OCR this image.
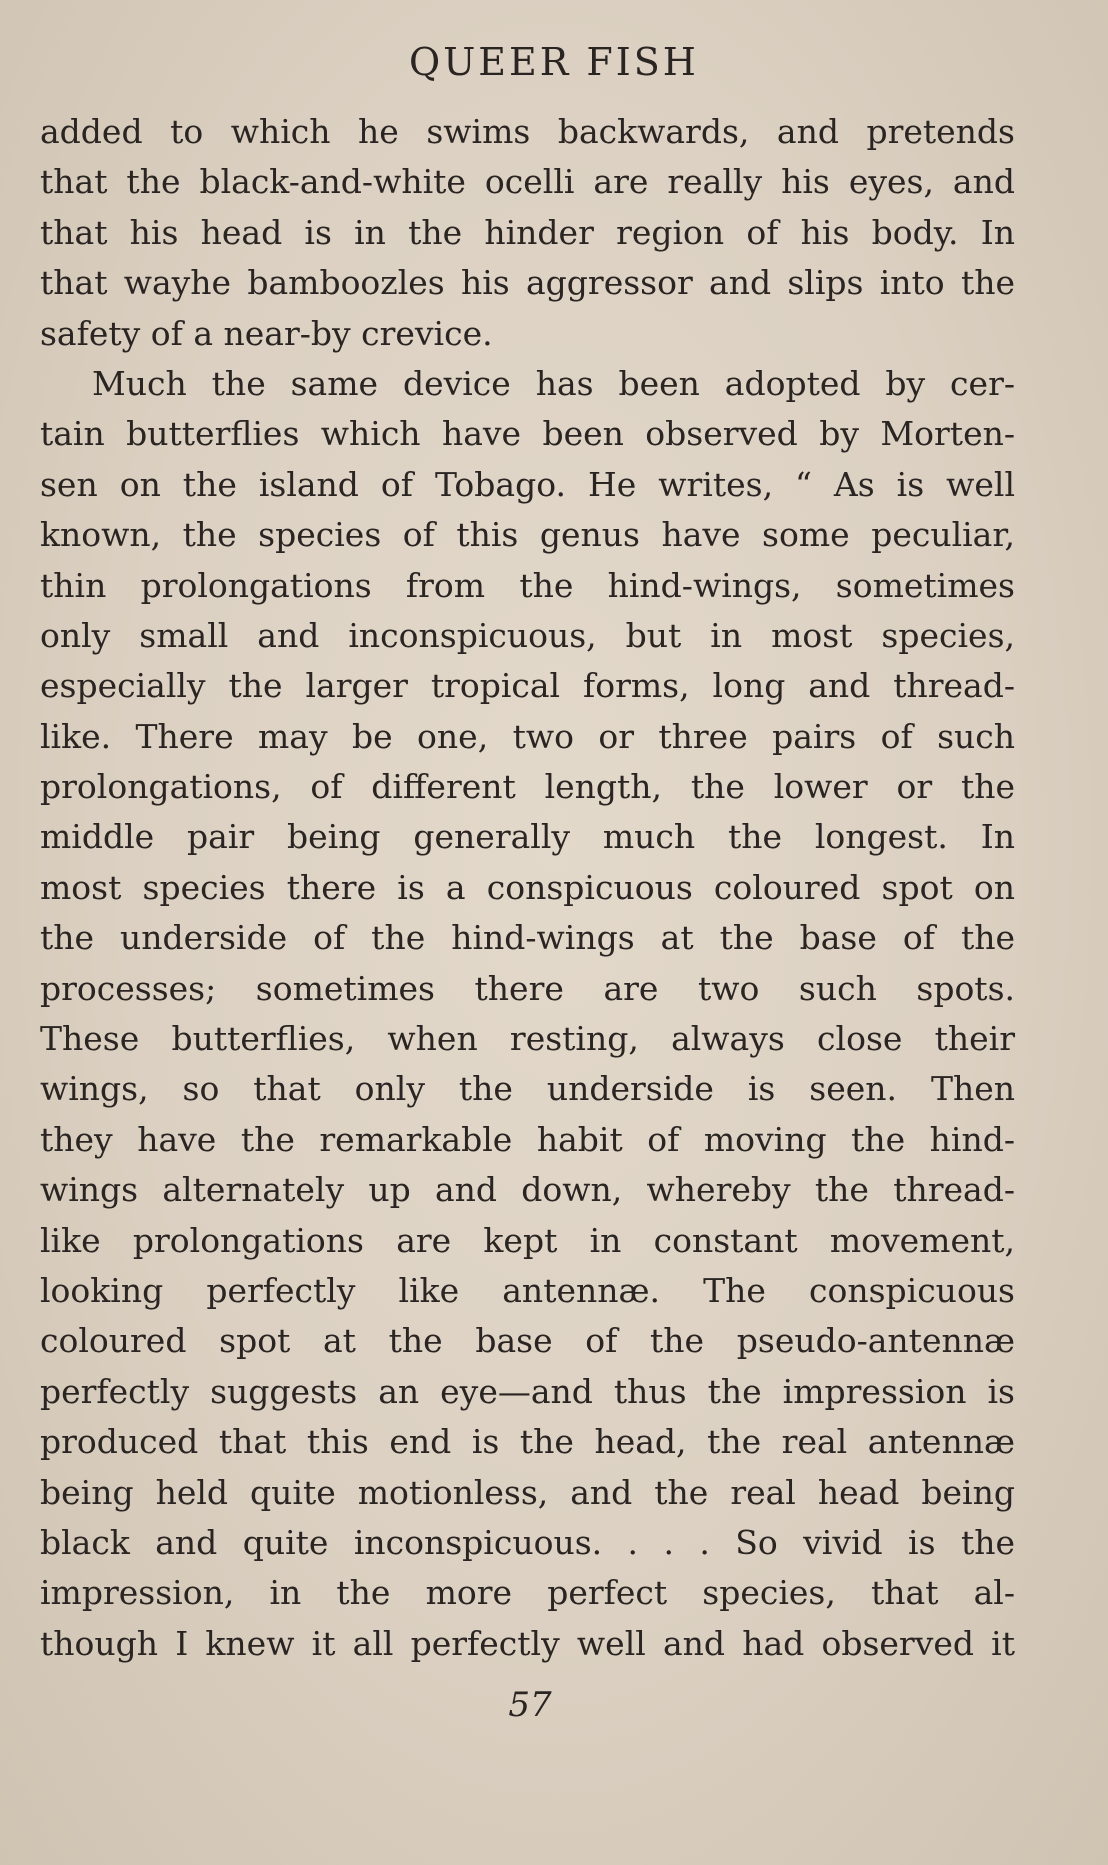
QUEER FISH
added to which he swims backwards, and pretends
that the black-and-white ocelli are really his eyes, and
that his head is in the hinder region of his body. In
that wayhe bamboozles his aggressor and slips into the
safety of a near-by crevice.
Much the same device has been adopted by cer-
tain butterflies which have been observed by Morten-
sen on the island of Tobago. He writes, “ As is well
known, the species of this genus have some peculiar,
thin prolongations from the hind-wings, sometimes
only small and inconspicuous, but in most species,
especially the larger tropical forms, long and thread-
like. There may be one, two or three pairs of such
prolongations, of different length, the lower or the
middle pair being generally much the longest. In
most species there is a conspicuous coloured spot on
the underside of the hind-wings at the base of the
processes; sometimes there are two such spots.
These butterflies, when resting, always close their
wings, so that only the underside is seen. Then
they have the remarkable habit of moving the hind-
wings alternately up and down, whereby the thread-
like prolongations are kept in constant movement,
looking perfectly like antennæ. The conspicuous
coloured spot at the base of the pseudo-antennæ
perfectly suggests an eye—and thus the impression is
produced that this end is the head, the real antennæ
being held quite motionless, and the real head being
black and quite inconspicuous. . . . So vivid is the
impression, in the more perfect species, that al-
though I knew it all perfectly well and had observed it
57
